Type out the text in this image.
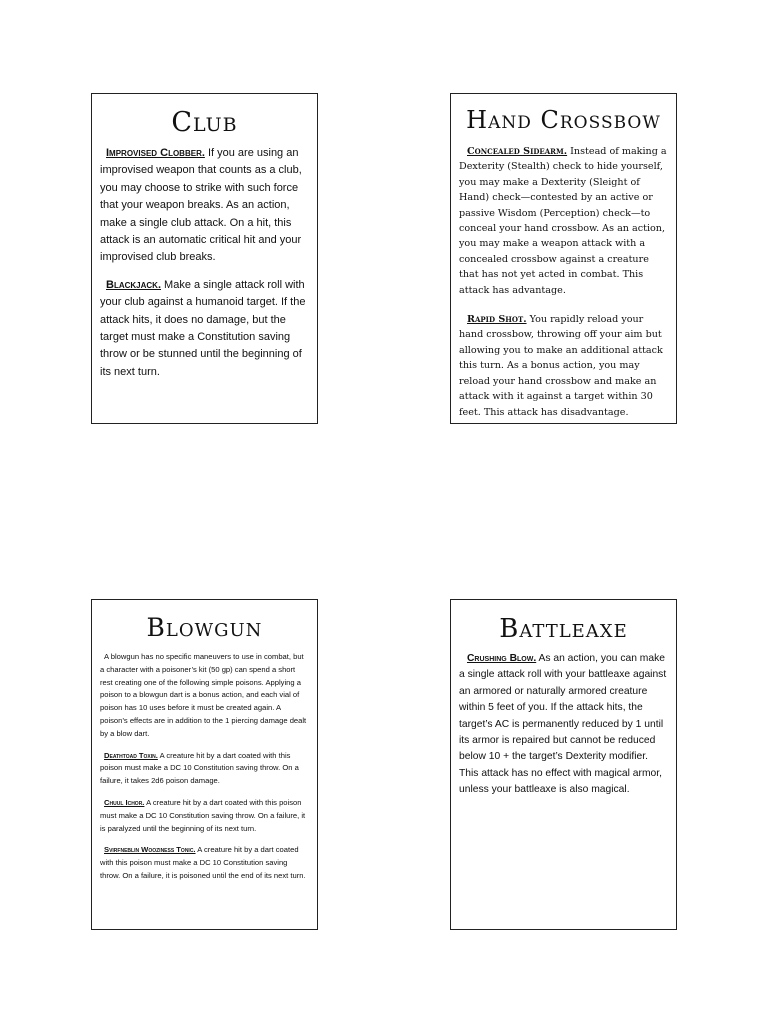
Club

Improvised Clobber. If you are using an improvised weapon that counts as a club, you may choose to strike with such force that your weapon breaks. As an action, make a single club attack. On a hit, this attack is an automatic critical hit and your improvised club breaks.

Blackjack. Make a single attack roll with your club against a humanoid target. If the attack hits, it does no damage, but the target must make a Constitution saving throw or be stunned until the beginning of its next turn.

Hand Crossbow

Concealed Sidearm. Instead of making a Dexterity (Stealth) check to hide yourself, you may make a Dexterity (Sleight of Hand) check—contested by an active or passive Wisdom (Perception) check—to conceal your hand crossbow. As an action, you may make a weapon attack with a concealed crossbow against a creature that has not yet acted in combat. This attack has advantage.

Rapid Shot. You rapidly reload your hand crossbow, throwing off your aim but allowing you to make an additional attack this turn. As a bonus action, you may reload your hand crossbow and make an attack with it against a target within 30 feet. This attack has disadvantage.

Blowgun

A blowgun has no specific maneuvers to use in combat, but a character with a poisoner’s kit (50 gp) can spend a short rest creating one of the following simple poisons. Applying a poison to a blowgun dart is a bonus action, and each vial of poison has 10 uses before it must be created again. A poison’s effects are in addition to the 1 piercing damage dealt by a blow dart.

Deathtoad Toxin. A creature hit by a dart coated with this poison must make a DC 10 Constitution saving throw. On a failure, it takes 2d6 poison damage.

Chuul Ichor. A creature hit by a dart coated with this poison must make a DC 10 Constitution saving throw. On a failure, it is paralyzed until the beginning of its next turn.

Svirfneblin Wooziness Tonic. A creature hit by a dart coated with this poison must make a DC 10 Constitution saving throw. On a failure, it is poisoned until the end of its next turn.

Battleaxe

Crushing Blow. As an action, you can make a single attack roll with your battleaxe against an armored or naturally armored creature within 5 feet of you. If the attack hits, the target’s AC is permanently reduced by 1 until its armor is repaired but cannot be reduced below 10 + the target’s Dexterity modifier. This attack has no effect with magical armor, unless your battleaxe is also magical.
